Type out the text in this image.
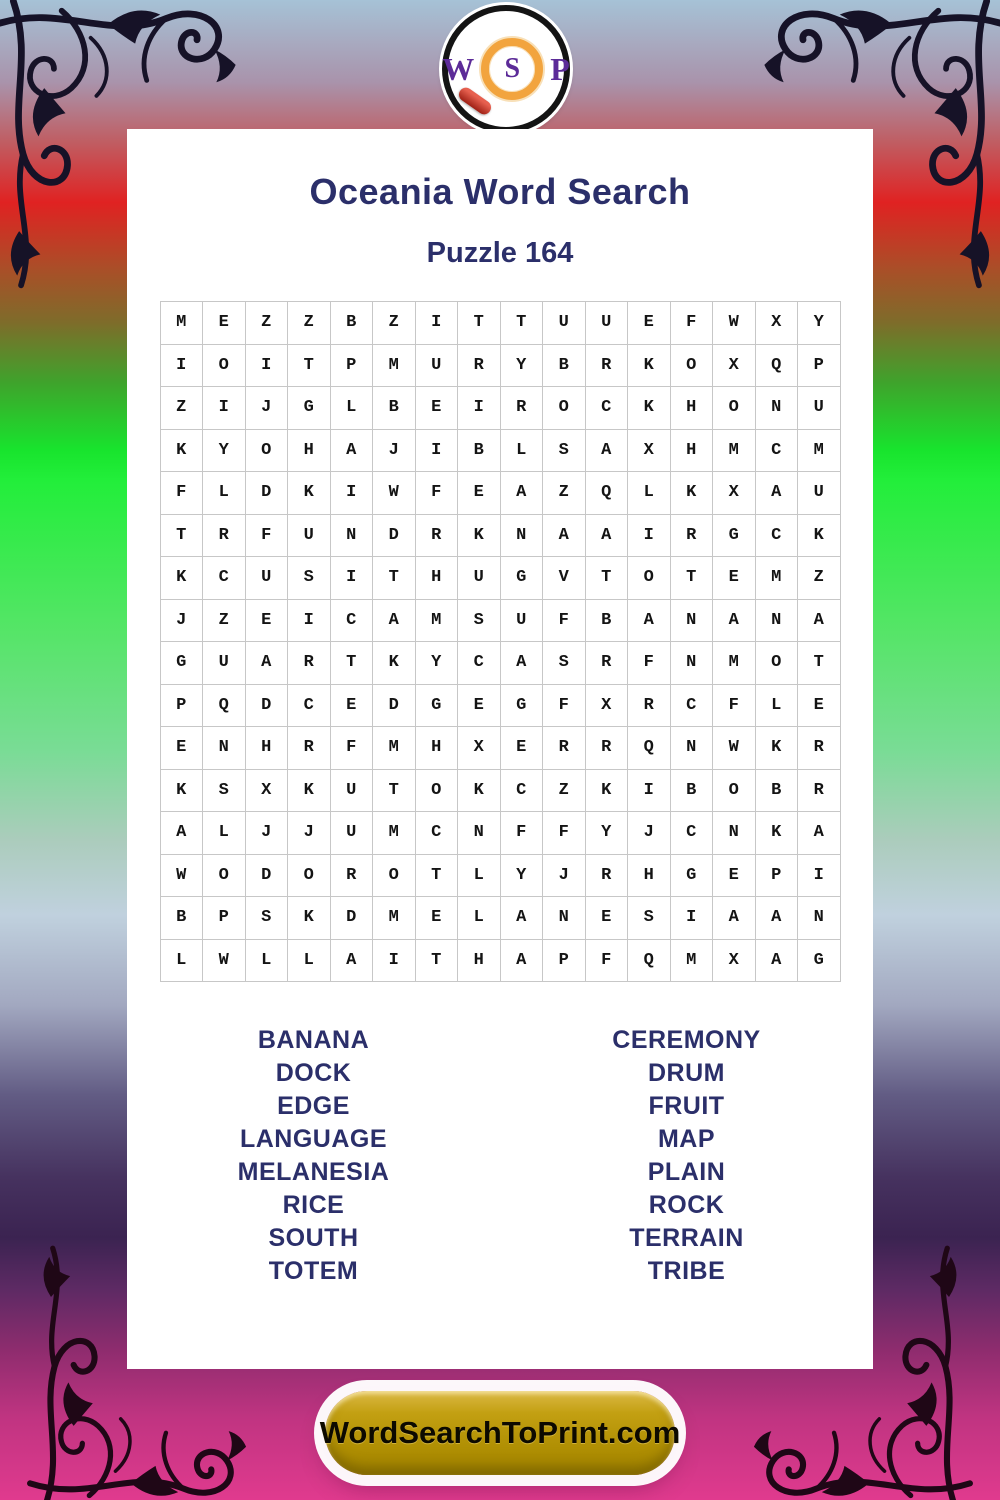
W S P
Oceania Word Search
Puzzle 164
M	E	Z	Z	B	Z	I	T	T	U	U	E	F	W	X	Y
I	O	I	T	P	M	U	R	Y	B	R	K	O	X	Q	P
Z	I	J	G	L	B	E	I	R	O	C	K	H	O	N	U
K	Y	O	H	A	J	I	B	L	S	A	X	H	M	C	M
F	L	D	K	I	W	F	E	A	Z	Q	L	K	X	A	U
T	R	F	U	N	D	R	K	N	A	A	I	R	G	C	K
K	C	U	S	I	T	H	U	G	V	T	O	T	E	M	Z
J	Z	E	I	C	A	M	S	U	F	B	A	N	A	N	A
G	U	A	R	T	K	Y	C	A	S	R	F	N	M	O	T
P	Q	D	C	E	D	G	E	G	F	X	R	C	F	L	E
E	N	H	R	F	M	H	X	E	R	R	Q	N	W	K	R
K	S	X	K	U	T	O	K	C	Z	K	I	B	O	B	R
A	L	J	J	U	M	C	N	F	F	Y	J	C	N	K	A
W	O	D	O	R	O	T	L	Y	J	R	H	G	E	P	I
B	P	S	K	D	M	E	L	A	N	E	S	I	A	A	N
L	W	L	L	A	I	T	H	A	P	F	Q	M	X	A	G
BANANA
DOCK
EDGE
LANGUAGE
MELANESIA
RICE
SOUTH
TOTEM
CEREMONY
DRUM
FRUIT
MAP
PLAIN
ROCK
TERRAIN
TRIBE
WordSearchToPrint.com
